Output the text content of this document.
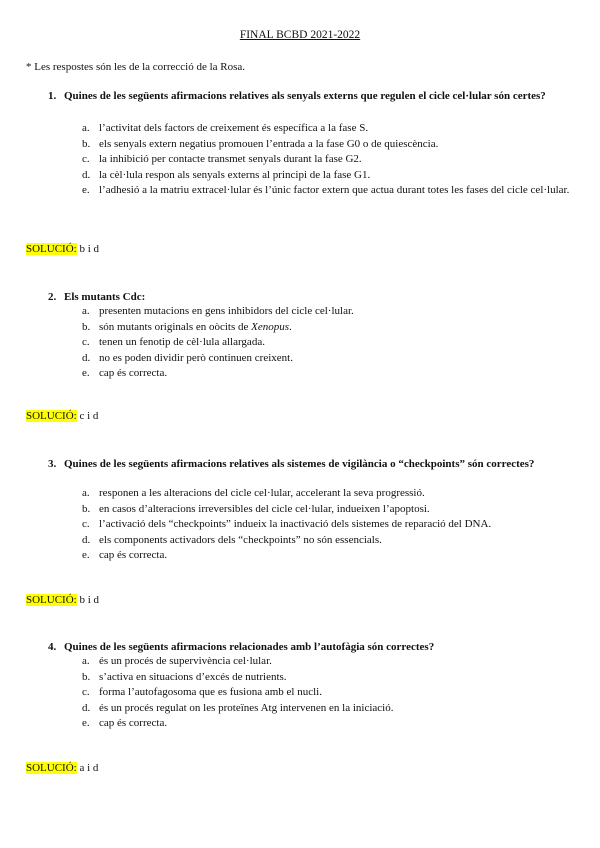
FINAL BCBD 2021-2022
* Les respostes són les de la correcció de la Rosa.
1. Quines de les següents afirmacions relatives als senyals externs que regulen el cicle cel·lular són certes?
a. l’activitat dels factors de creixement és específica a la fase S.
b. els senyals extern negatius promouen l’entrada a la fase G0 o de quiescència.
c. la inhibició per contacte transmet senyals durant la fase G2.
d. la cèl·lula respon als senyals externs al principi de la fase G1.
e. l’adhesió a la matriu extracel·lular és l’únic factor extern que actua durant totes les fases del cicle cel·lular.
SOLUCIÓ: b i d
2. Els mutants Cdc:
a. presenten mutacions en gens inhibidors del cicle cel·lular.
b. són mutants originals en oòcits de Xenopus.
c. tenen un fenotip de cèl·lula allargada.
d. no es poden dividir però continuen creixent.
e. cap és correcta.
SOLUCIÓ: c i d
3. Quines de les següents afirmacions relatives als sistemes de vigilància o “checkpoints” són correctes?
a. responen a les alteracions del cicle cel·lular, accelerant la seva progressió.
b. en casos d’alteracions irreversibles del cicle cel·lular, indueixen l’apoptosi.
c. l’activació dels “checkpoints” indueix la inactivació dels sistemes de reparació del DNA.
d. els components activadors dels “checkpoints” no són essencials.
e. cap és correcta.
SOLUCIÓ: b i d
4. Quines de les següents afirmacions relacionades amb l’autofàgia són correctes?
a. és un procés de supervivència cel·lular.
b. s’activa en situacions d’excés de nutrients.
c. forma l’autofagosoma que es fusiona amb el nucli.
d. és un procés regulat on les proteïnes Atg intervenen en la iniciació.
e. cap és correcta.
SOLUCIÓ: a i d
